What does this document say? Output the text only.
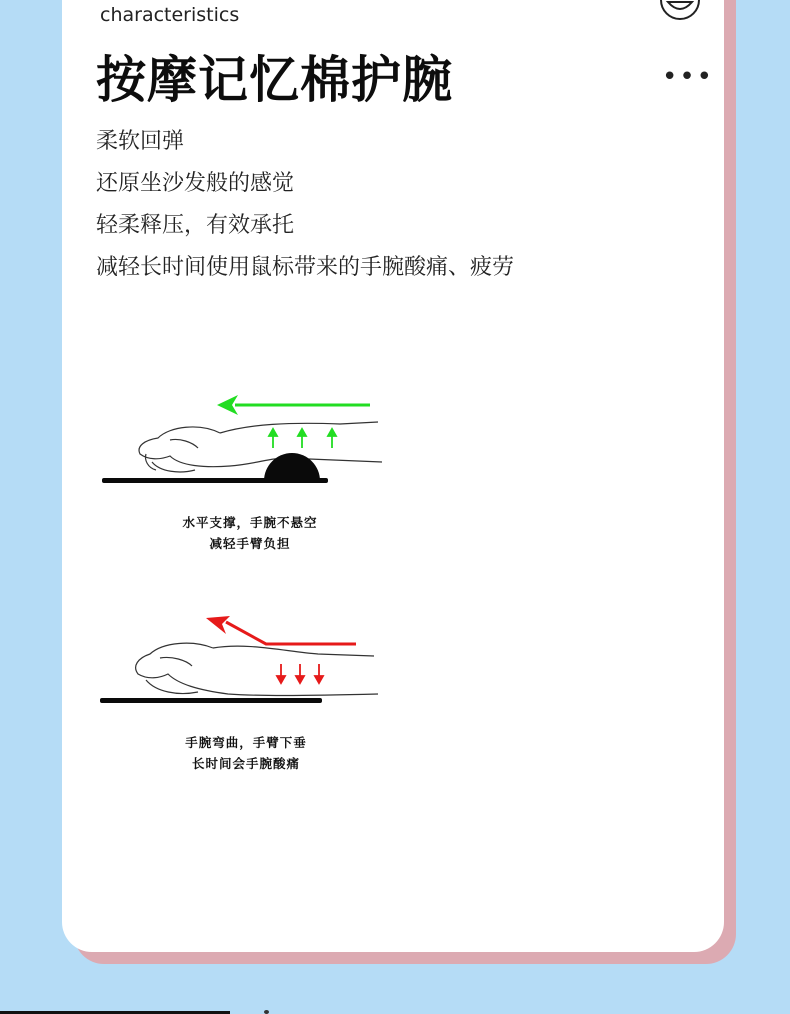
characteristics
按摩记忆棉护腕	•••
柔软回弹
还原坐沙发般的感觉
轻柔释压，有效承托
减轻长时间使用鼠标带来的手腕酸痛、疲劳
水平支撑，手腕不悬空
减轻手臂负担
手腕弯曲，手臂下垂
长时间会手腕酸痛
